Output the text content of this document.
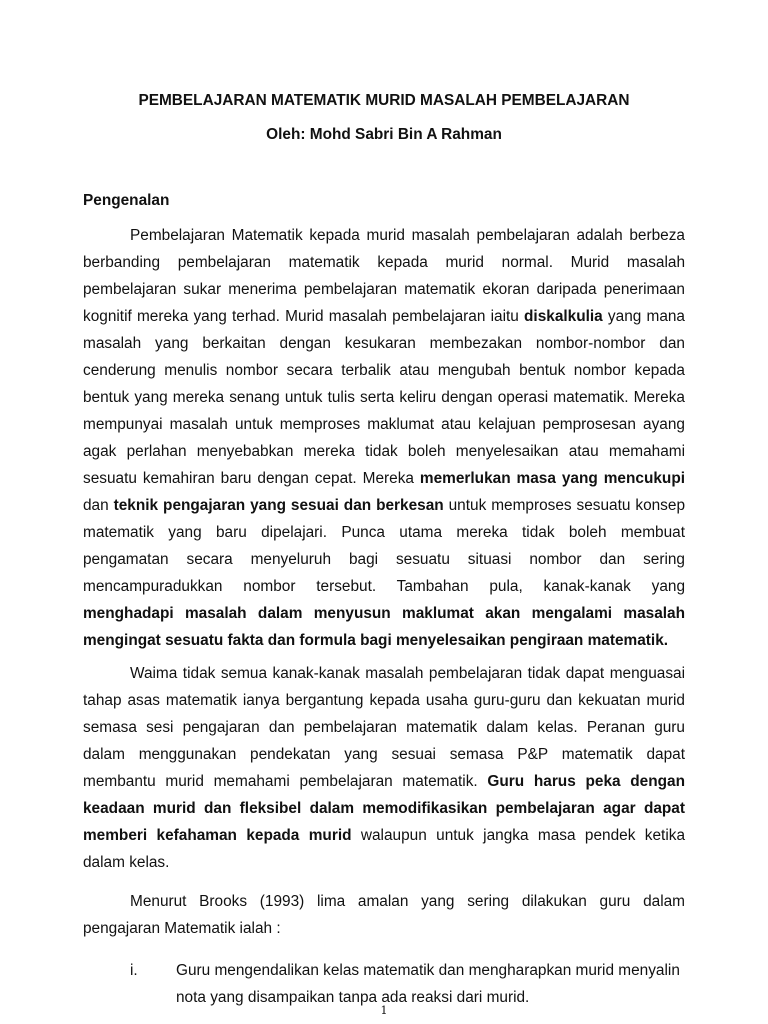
PEMBELAJARAN MATEMATIK MURID MASALAH PEMBELAJARAN
Oleh: Mohd Sabri Bin A Rahman
Pengenalan
Pembelajaran Matematik kepada murid masalah pembelajaran adalah berbeza
berbanding pembelajaran matematik kepada murid normal. Murid masalah
pembelajaran sukar menerima pembelajaran matematik ekoran daripada penerimaan
kognitif mereka yang terhad. Murid masalah pembelajaran iaitu diskalkulia yang mana
masalah yang berkaitan dengan kesukaran membezakan nombor-nombor dan
cenderung menulis nombor secara terbalik atau mengubah bentuk nombor kepada
bentuk yang mereka senang untuk tulis serta keliru dengan operasi matematik. Mereka
mempunyai masalah untuk memproses maklumat atau kelajuan pemprosesan ayang
agak perlahan menyebabkan mereka tidak boleh menyelesaikan atau memahami
sesuatu kemahiran baru dengan cepat. Mereka memerlukan masa yang mencukupi
dan teknik pengajaran yang sesuai dan berkesan untuk memproses sesuatu konsep
matematik yang baru dipelajari. Punca utama mereka tidak boleh membuat
pengamatan secara menyeluruh bagi sesuatu situasi nombor dan sering
mencampuradukkan nombor tersebut. Tambahan pula, kanak-kanak yang
menghadapi masalah dalam menyusun maklumat akan mengalami masalah
mengingat sesuatu fakta dan formula bagi menyelesaikan pengiraan matematik.
Waima tidak semua kanak-kanak masalah pembelajaran tidak dapat menguasai
tahap asas matematik ianya bergantung kepada usaha guru-guru dan kekuatan murid
semasa sesi pengajaran dan pembelajaran matematik dalam kelas. Peranan guru
dalam menggunakan pendekatan yang sesuai semasa P&P matematik dapat
membantu murid memahami pembelajaran matematik. Guru harus peka dengan
keadaan murid dan fleksibel dalam memodifikasikan pembelajaran agar dapat
memberi kefahaman kepada murid walaupun untuk jangka masa pendek ketika
dalam kelas.
Menurut Brooks (1993) lima amalan yang sering dilakukan guru dalam
pengajaran Matematik ialah :
i. Guru mengendalikan kelas matematik dan mengharapkan murid menyalin
nota yang disampaikan tanpa ada reaksi dari murid.
1
